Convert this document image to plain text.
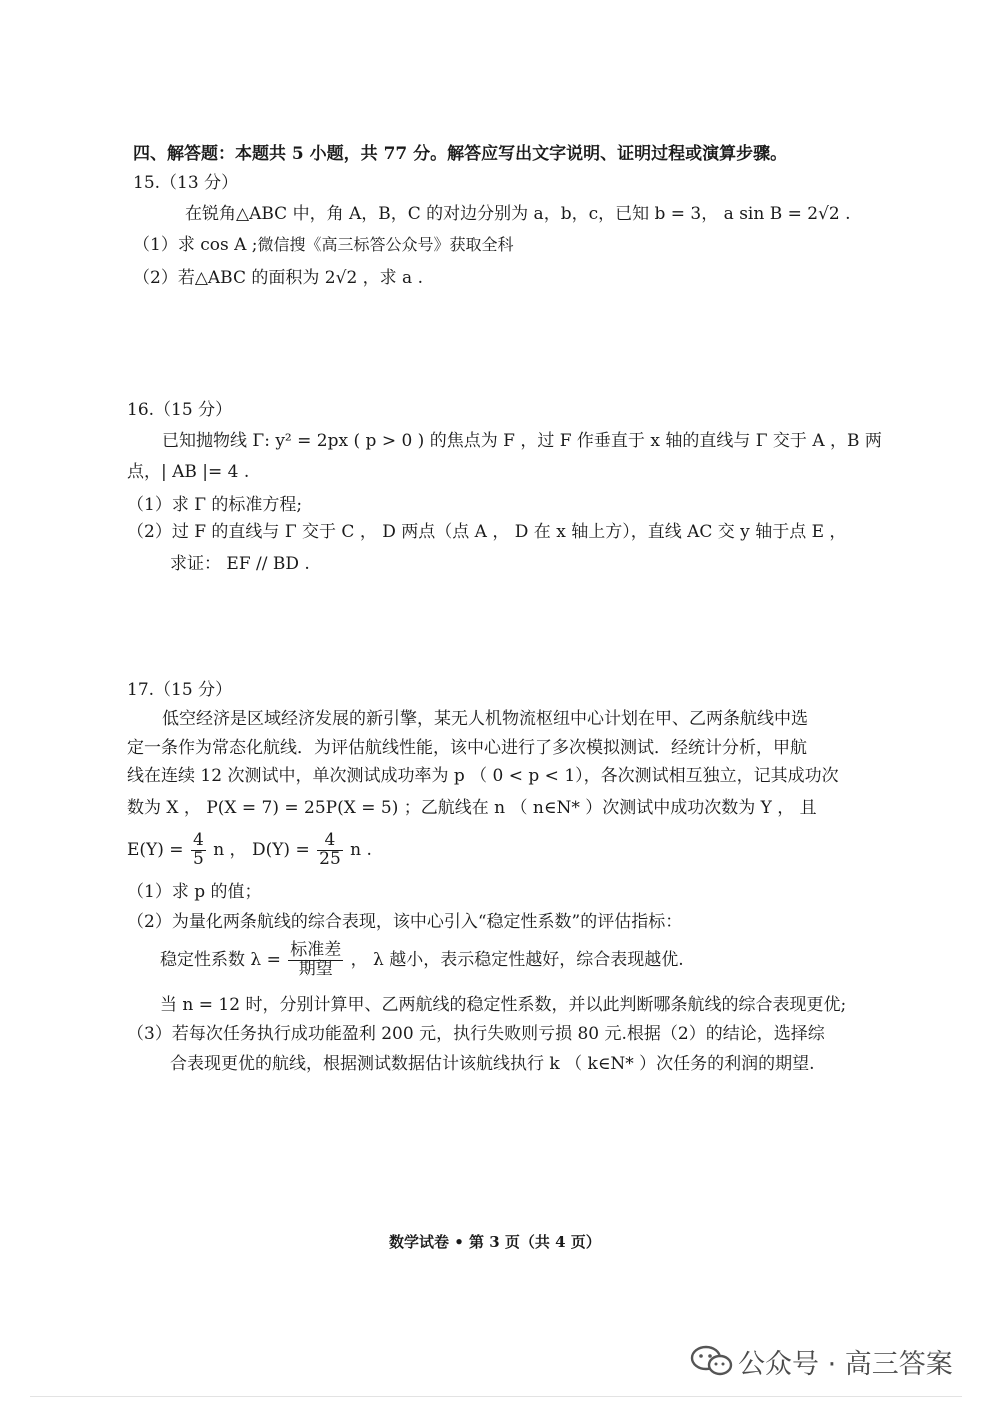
四、解答题：本题共 5 小题，共 77 分。解答应写出文字说明、证明过程或演算步骤。
15.（13 分）
在锐角△ABC 中，角 A，B，C 的对边分别为 a，b，c，已知 b = 3， a sin B = 2√2 .
（1）求 cos A ;微信搜《高三标答公众号》获取全科
（2）若△ABC 的面积为 2√2 ，求 a .
16.（15 分）
已知抛物线 Γ: y² = 2px ( p > 0 ) 的焦点为 F ，过 F 作垂直于 x 轴的直线与 Γ 交于 A ，B 两
点，| AB |= 4 .
（1）求 Γ 的标准方程;
（2）过 F 的直线与 Γ 交于 C ， D 两点（点 A ， D 在 x 轴上方），直线 AC 交 y 轴于点 E ，
求证： EF // BD .
17.（15 分）
低空经济是区域经济发展的新引擎，某无人机物流枢纽中心计划在甲、乙两条航线中选
定一条作为常态化航线．为评估航线性能，该中心进行了多次模拟测试．经统计分析，甲航
线在连续 12 次测试中，单次测试成功率为 p （ 0 < p < 1），各次测试相互独立，记其成功次
数为 X ， P(X = 7) = 25P(X = 5) ；乙航线在 n （ n∈N* ）次测试中成功次数为 Y ， 且
$E(Y) = \frac{4}{5}$ n ， $D(Y) = \frac{4}{25}$ n .
（1）求 p 的值；
（2）为量化两条航线的综合表现，该中心引入“稳定性系数”的评估指标：
稳定性系数 $\lambda = \frac{\text{标准差}}{\text{期望}}$ ， λ 越小，表示稳定性越好，综合表现越优.
当 n = 12 时，分别计算甲、乙两航线的稳定性系数，并以此判断哪条航线的综合表现更优;
（3）若每次任务执行成功能盈利 200 元，执行失败则亏损 80 元.根据（2）的结论，选择综
合表现更优的航线，根据测试数据估计该航线执行 k （ k∈N* ）次任务的利润的期望.
数学试卷 • 第 3 页（共 4 页）
公众号 · 高三答案
